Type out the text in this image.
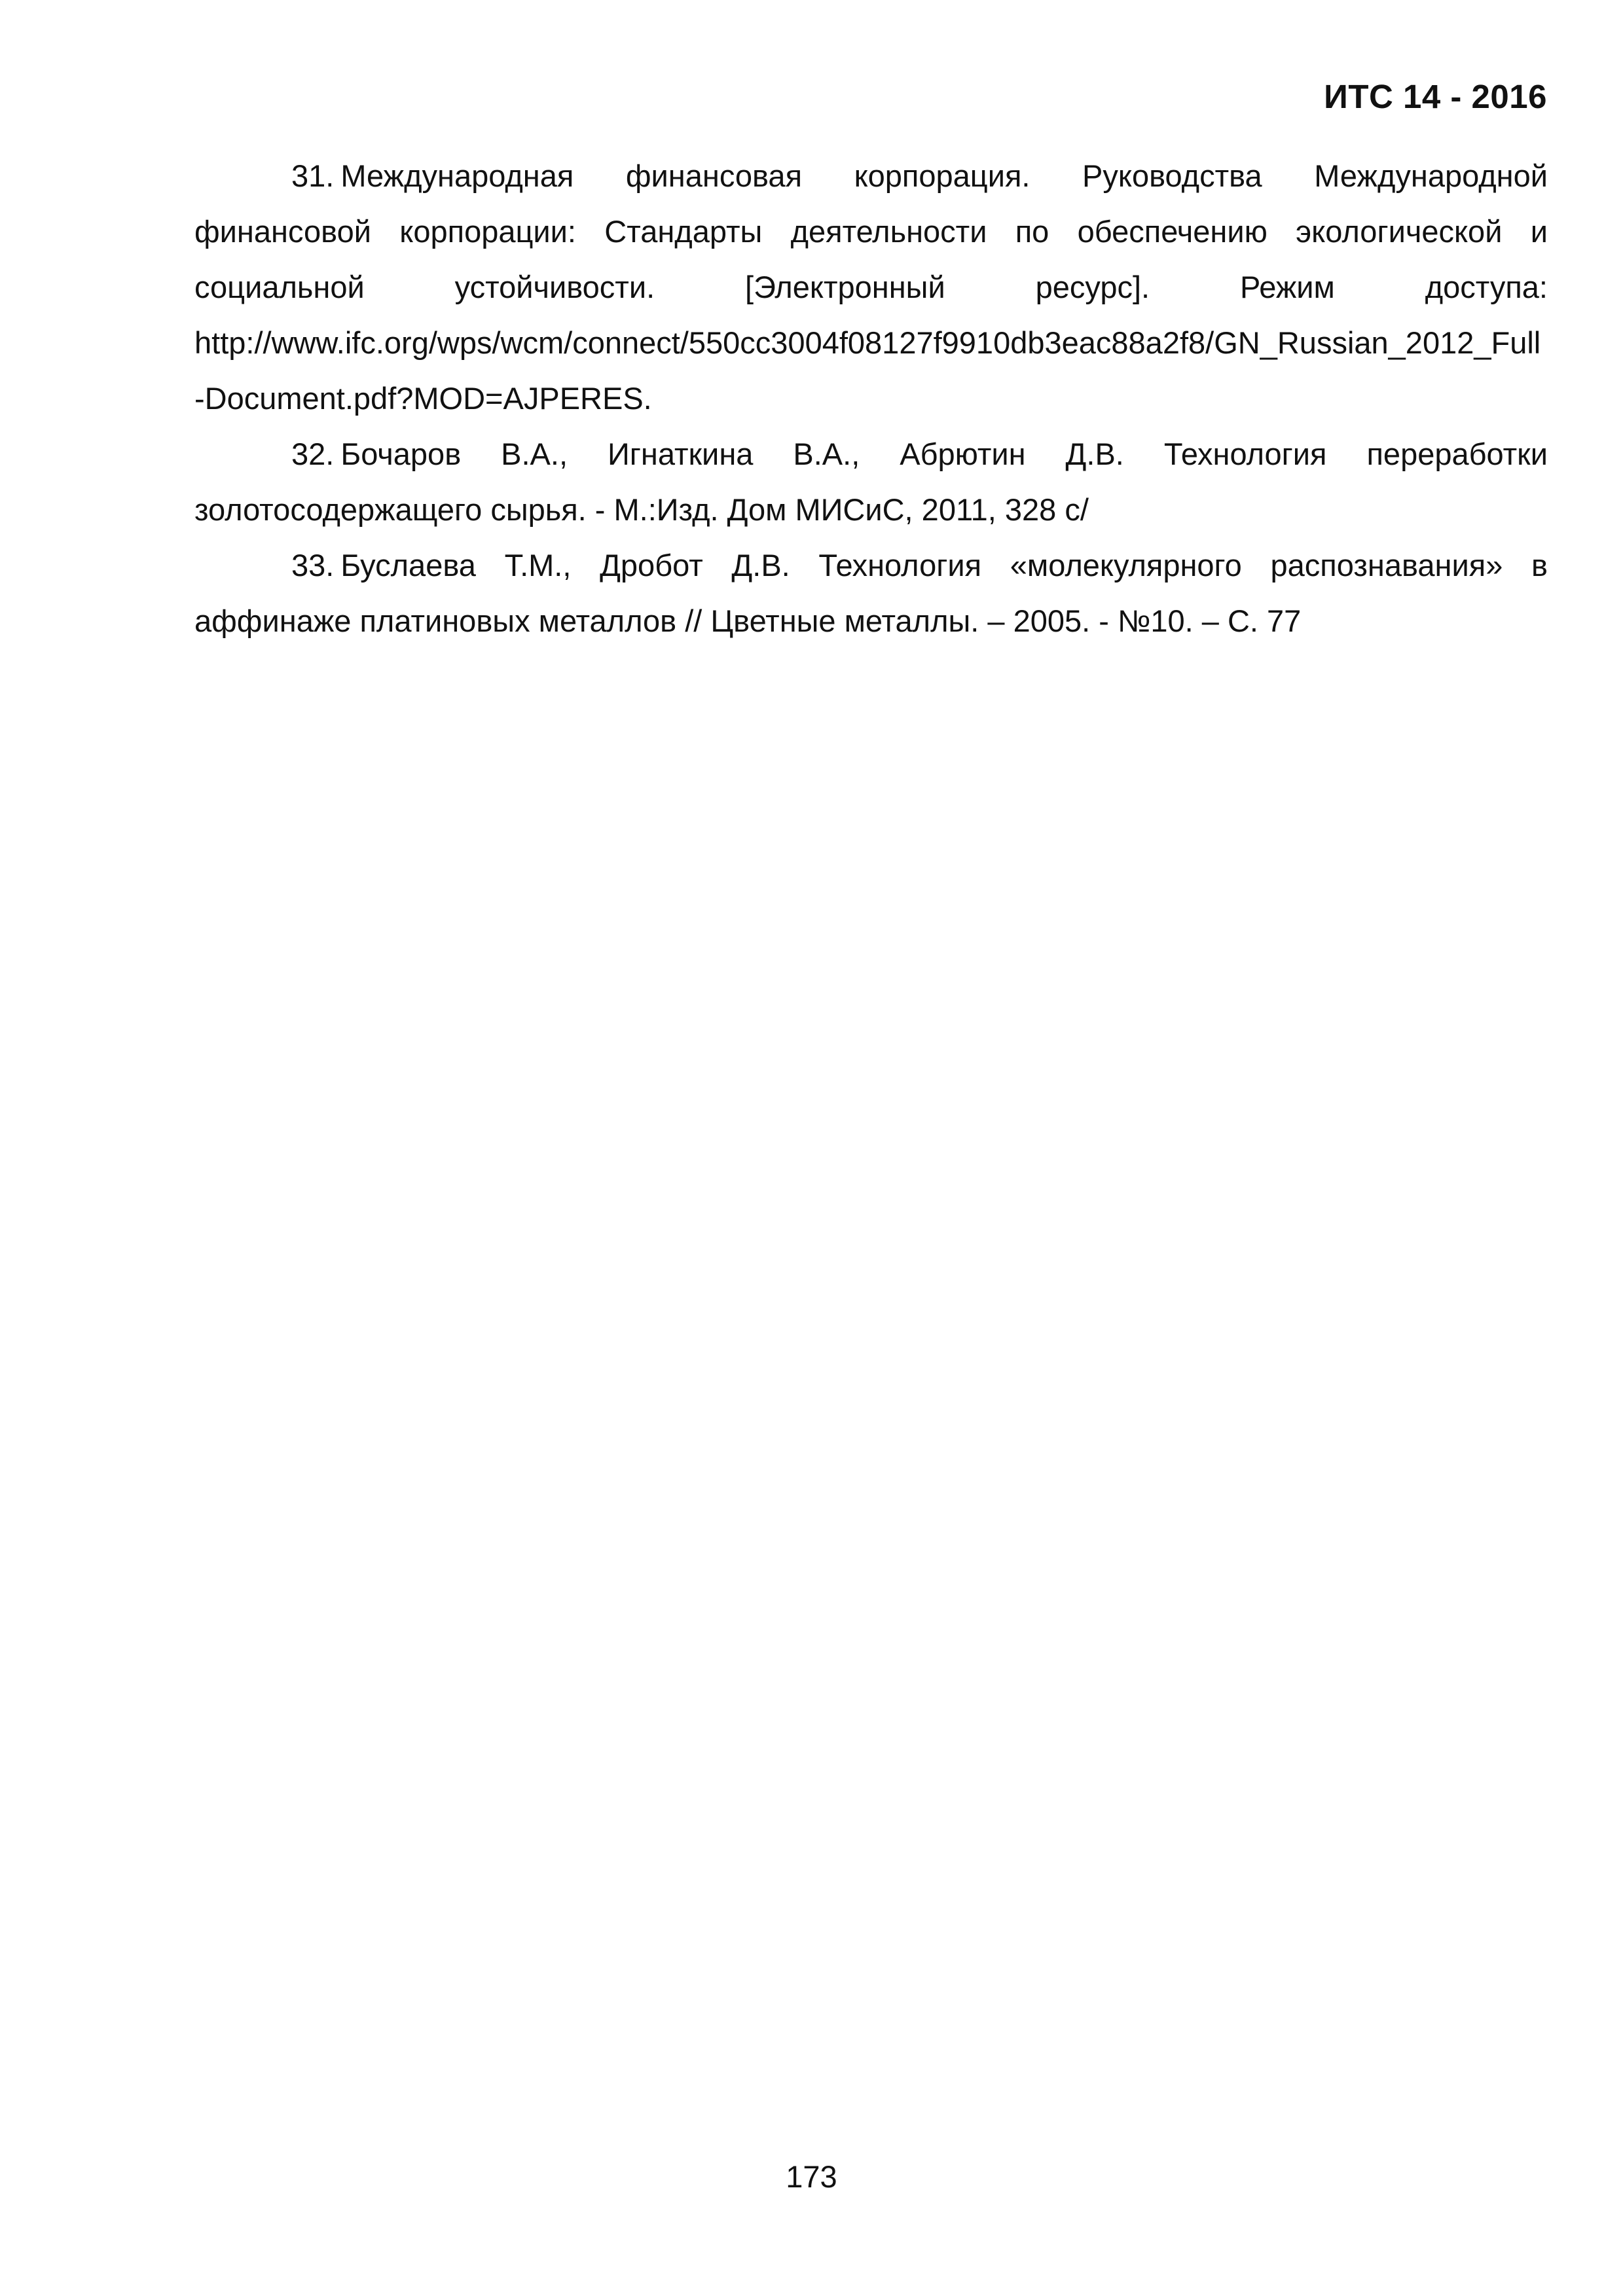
ИТС 14 - 2016

31. Международная финансовая корпорация. Руководства Международной финансовой корпорации: Стандарты деятельности по обеспечению экологической и социальной устойчивости. [Электронный ресурс]. Режим доступа: http://www.ifc.org/wps/wcm/connect/550cc3004f08127f9910db3eac88a2f8/GN_Russian_2012_Full-Document.pdf?MOD=AJPERES.

32. Бочаров В.А., Игнаткина В.А., Абрютин Д.В. Технология переработки золотосодержащего сырья. - М.:Изд. Дом МИСиС, 2011, 328 с/

33. Буслаева Т.М., Дробот Д.В. Технология «молекулярного распознавания» в аффинаже платиновых металлов // Цветные металлы. – 2005. - №10. – С. 77

173
